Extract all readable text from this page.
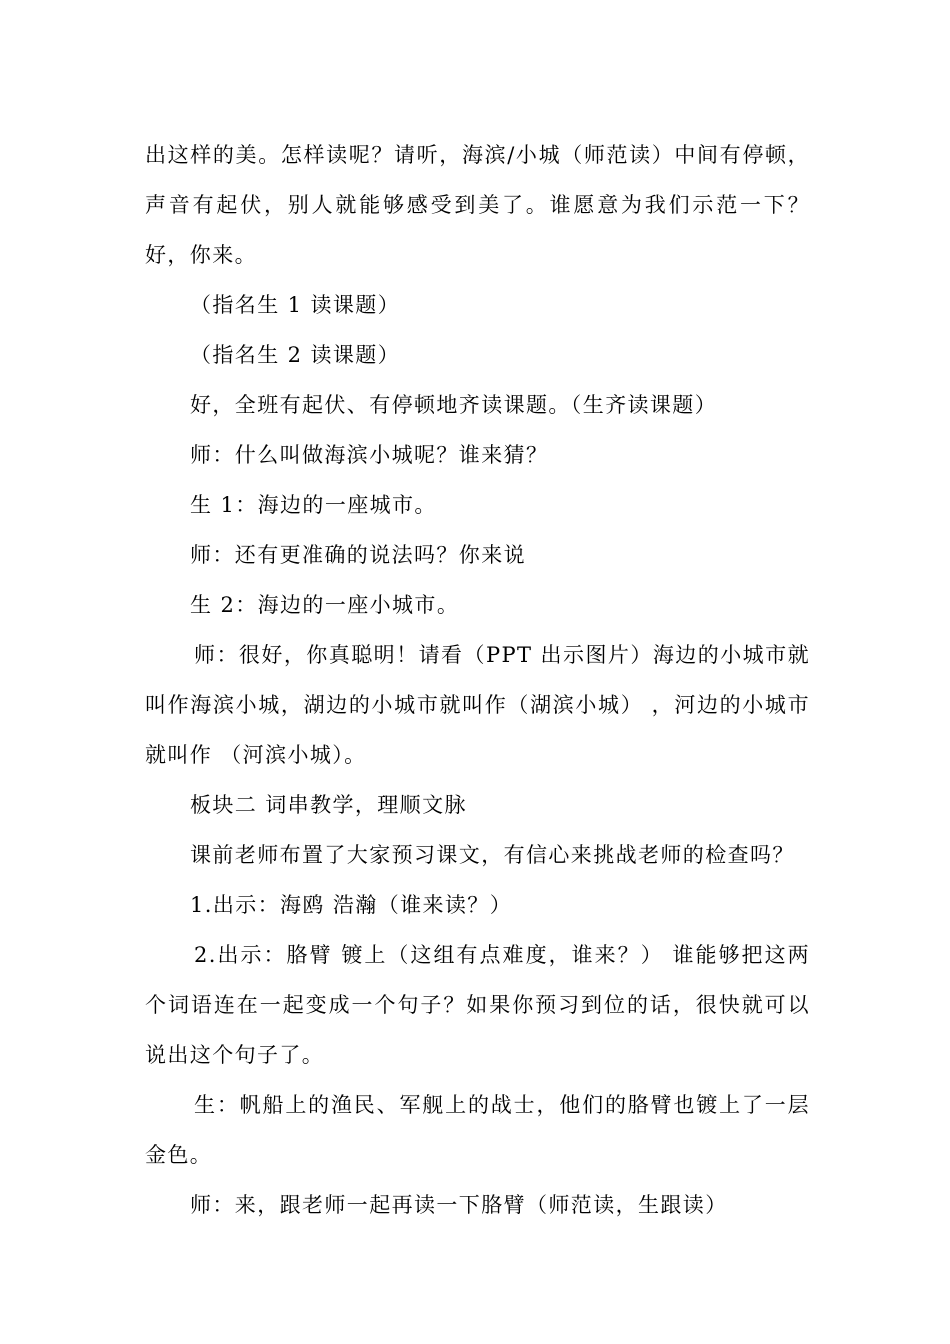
出这样的美。怎样读呢？请听，海滨/小城（师范读）中间有停顿，
声音有起伏，别人就能够感受到美了。谁愿意为我们示范一下？
好，你来。
（指名生 1 读课题）
（指名生 2 读课题）
好，全班有起伏、有停顿地齐读课题。（生齐读课题）
师：什么叫做海滨小城呢？谁来猜？
生 1：海边的一座城市。
师：还有更准确的说法吗？你来说
生 2：海边的一座小城市。
师：很好，你真聪明！请看（PPT 出示图片）海边的小城市就
叫作海滨小城，湖边的小城市就叫作（湖滨小城） ，河边的小城市
就叫作 （河滨小城）。
板块二 词串教学，理顺文脉
课前老师布置了大家预习课文，有信心来挑战老师的检查吗？
1.出示：海鸥 浩瀚（谁来读？）
2.出示：胳臂 镀上（这组有点难度，谁来？） 谁能够把这两
个词语连在一起变成一个句子？如果你预习到位的话，很快就可以
说出这个句子了。
生：帆船上的渔民、军舰上的战士，他们的胳臂也镀上了一层
金色。
师：来，跟老师一起再读一下胳臂（师范读，生跟读）
